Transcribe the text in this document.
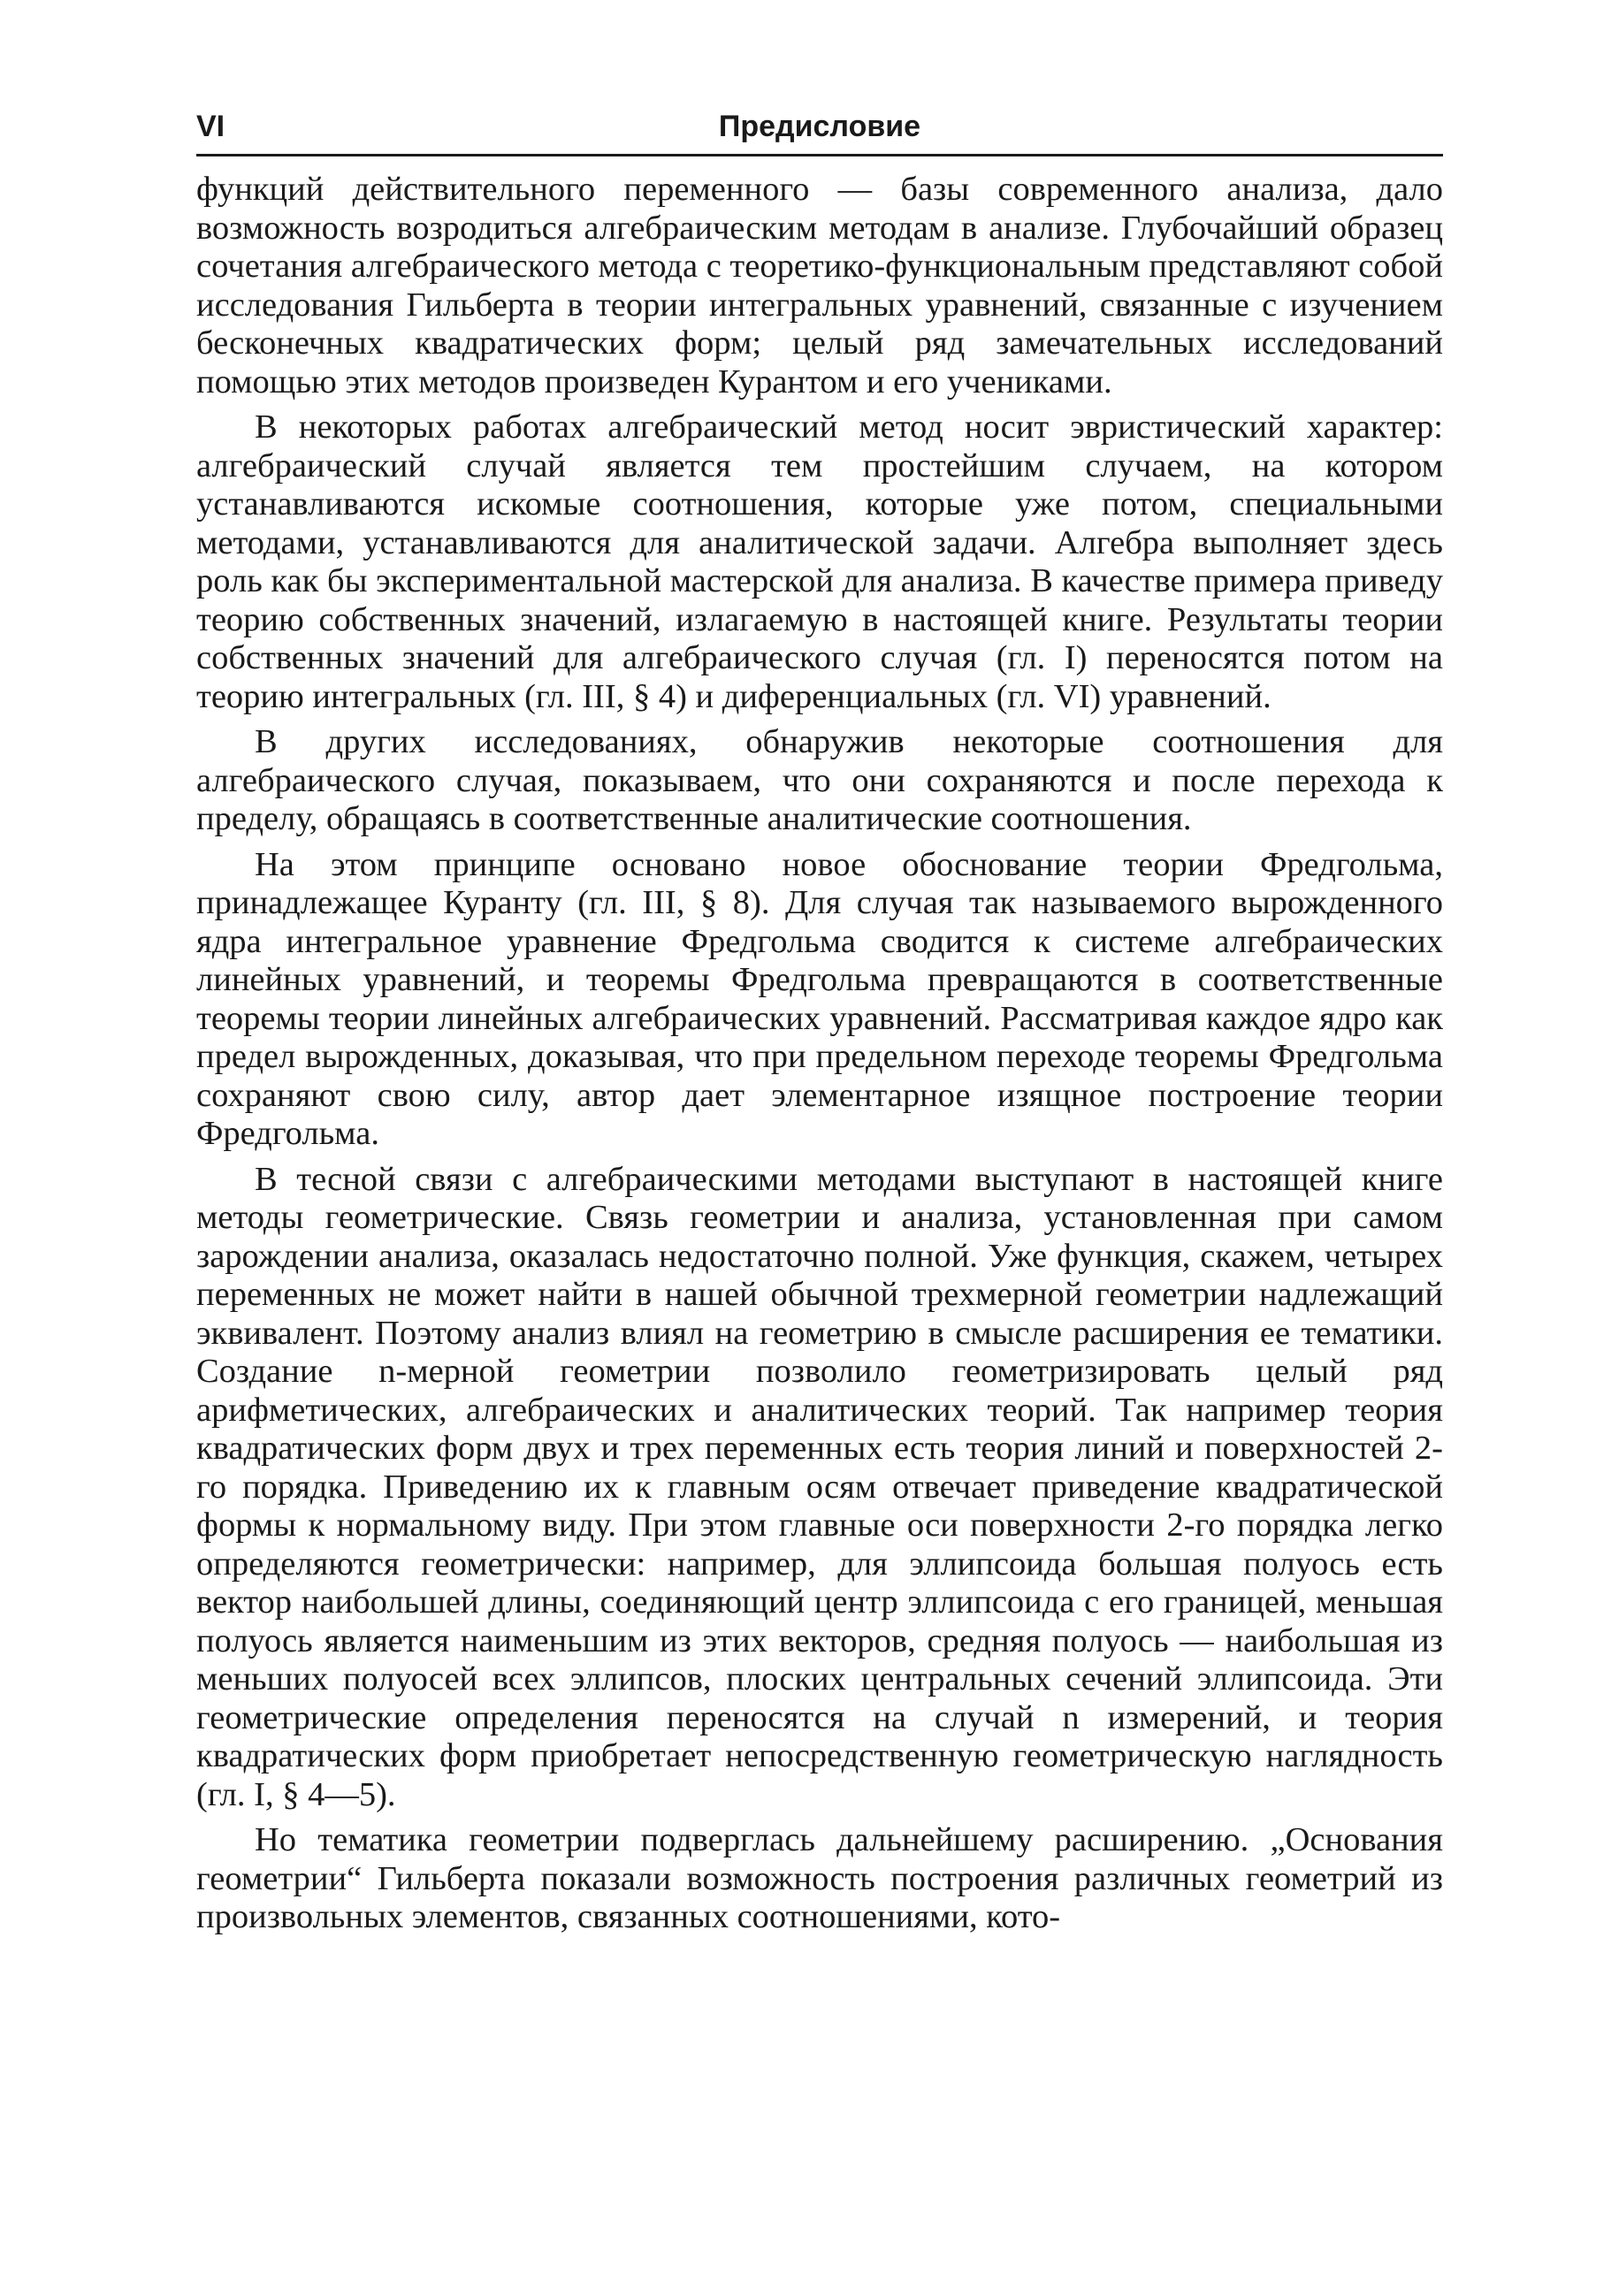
VI	Предисловие

функций действительного переменного — базы современного анализа, дало возможность возродиться алгебраическим методам в анализе. Глубочайший образец сочетания алгебраического метода с теоретико-функциональным представляют собой исследования Гильберта в теории интегральных уравнений, связанные с изучением бесконечных квадратических форм; целый ряд замечательных исследований помощью этих методов произведен Курантом и его учениками.

В некоторых работах алгебраический метод носит эвристический характер: алгебраический случай является тем простейшим случаем, на котором устанавливаются искомые соотношения, которые уже потом, специальными методами, устанавливаются для аналитической задачи. Алгебра выполняет здесь роль как бы экспериментальной мастерской для анализа. В качестве примера приведу теорию собственных значений, излагаемую в настоящей книге. Результаты теории собственных значений для алгебраического случая (гл. I) переносятся потом на теорию интегральных (гл. III, § 4) и диференциальных (гл. VI) уравнений.

В других исследованиях, обнаружив некоторые соотношения для алгебраического случая, показываем, что они сохраняются и после перехода к пределу, обращаясь в соответственные аналитические соотношения.

На этом принципе основано новое обоснование теории Фредгольма, принадлежащее Куранту (гл. III, § 8). Для случая так называемого вырожденного ядра интегральное уравнение Фредгольма сводится к системе алгебраических линейных уравнений, и теоремы Фредгольма превращаются в соответственные теоремы теории линейных алгебраических уравнений. Рассматривая каждое ядро как предел вырожденных, доказывая, что при предельном переходе теоремы Фредгольма сохраняют свою силу, автор дает элементарное изящное построение теории Фредгольма.

В тесной связи с алгебраическими методами выступают в настоящей книге методы геометрические. Связь геометрии и анализа, установленная при самом зарождении анализа, оказалась недостаточно полной. Уже функция, скажем, четырех переменных не может найти в нашей обычной трехмерной геометрии надлежащий эквивалент. Поэтому анализ влиял на геометрию в смысле расширения ее тематики. Создание n-мерной геометрии позволило геометризировать целый ряд арифметических, алгебраических и аналитических теорий. Так например теория квадратических форм двух и трех переменных есть теория линий и поверхностей 2-го порядка. Приведению их к главным осям отвечает приведение квадратической формы к нормальному виду. При этом главные оси поверхности 2-го порядка легко определяются геометрически: например, для эллипсоида большая полуось есть вектор наибольшей длины, соединяющий центр эллипсоида с его границей, меньшая полуось является наименьшим из этих векторов, средняя полуось — наибольшая из меньших полуосей всех эллипсов, плоских центральных сечений эллипсоида. Эти геометрические определения переносятся на случай n измерений, и теория квадратических форм приобретает непосредственную геометрическую наглядность (гл. I, § 4—5).

Но тематика геометрии подверглась дальнейшему расширению. „Основания геометрии“ Гильберта показали возможность построения различных геометрий из произвольных элементов, связанных соотношениями, кото-
